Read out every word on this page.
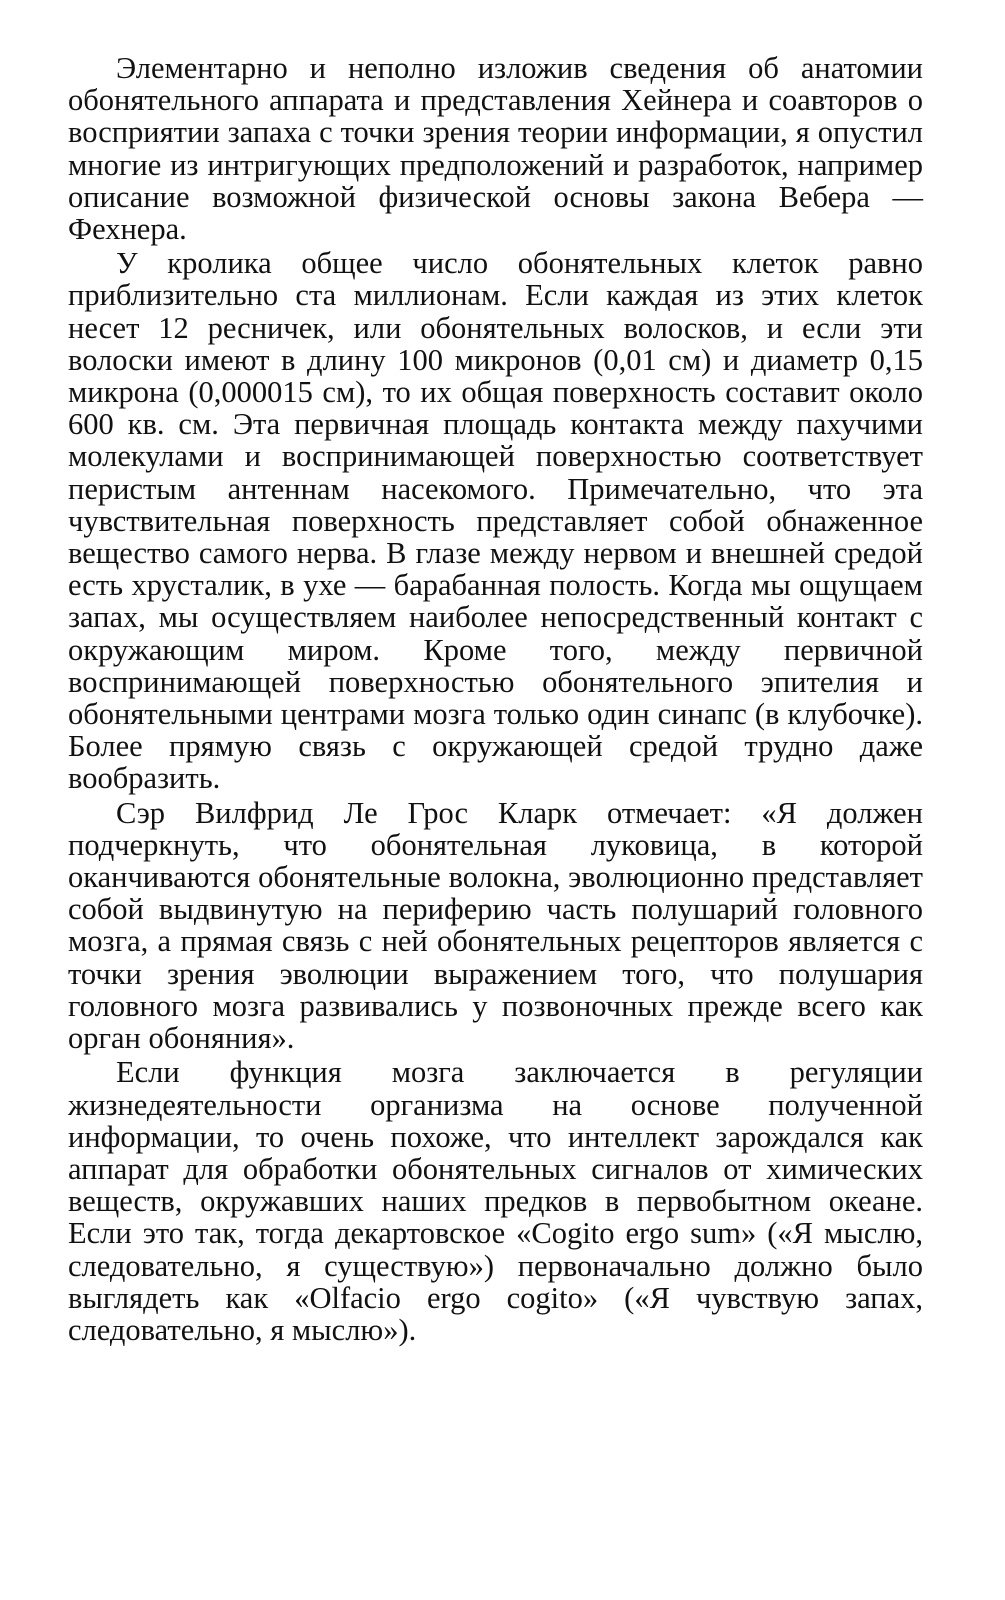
Элементарно и неполно изложив сведения об анатомии обонятельного аппарата и представления Хейнера и соавторов о восприятии запаха с точки зрения теории информации, я опустил многие из интригующих предположений и разработок, например описание возможной физической основы закона Вебера — Фехнера.

У кролика общее число обонятельных клеток равно приблизительно ста миллионам. Если каждая из этих клеток несет 12 ресничек, или обонятельных волосков, и если эти волоски имеют в длину 100 микронов (0,01 см) и диаметр 0,15 микрона (0,000015 см), то их общая поверхность составит около 600 кв. см. Эта первичная площадь контакта между пахучими молекулами и воспринимающей поверхностью соответствует перистым антеннам насекомого. Примечательно, что эта чувствительная поверхность представляет собой обнаженное вещество самого нерва. В глазе между нервом и внешней средой есть хрусталик, в ухе — барабанная полость. Когда мы ощущаем запах, мы осуществляем наиболее непосредственный контакт с окружающим миром. Кроме того, между первичной воспринимающей поверхностью обонятельного эпителия и обонятельными центрами мозга только один синапс (в клубочке). Более прямую связь с окружающей средой трудно даже вообразить.

Сэр Вилфрид Ле Грос Кларк отмечает: «Я должен подчеркнуть, что обонятельная луковица, в которой оканчиваются обонятельные волокна, эволюционно представляет собой выдвинутую на периферию часть полушарий головного мозга, а прямая связь с ней обонятельных рецепторов является с точки зрения эволюции выражением того, что полушария головного мозга развивались у позвоночных прежде всего как орган обоняния».

Если функция мозга заключается в регуляции жизнедеятельности организма на основе полученной информации, то очень похоже, что интеллект зарождался как аппарат для обработки обонятельных сигналов от химических веществ, окружавших наших предков в первобытном океане. Если это так, тогда декартовское «Cogito ergo sum» («Я мыслю, следовательно, я существую») первоначально должно было выглядеть как «Olfacio ergo cogito» («Я чувствую запах, следовательно, я мыслю»).
